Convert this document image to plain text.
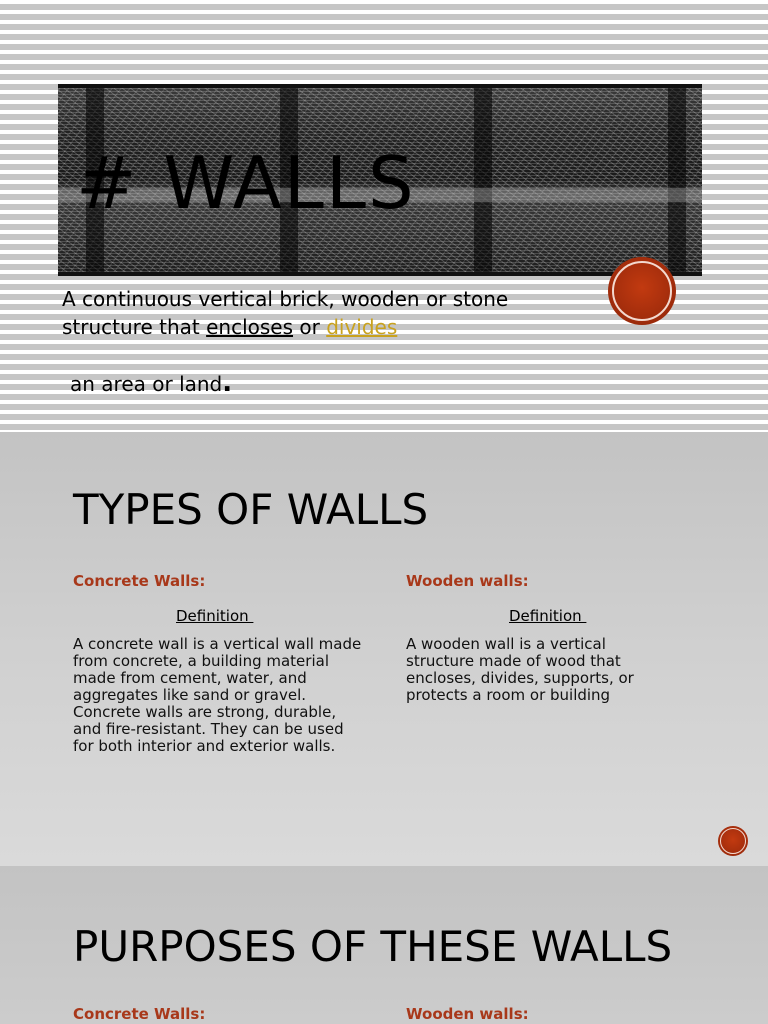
# WALLS
A continuous vertical brick, wooden or stone structure that encloses or divides
an area or land.
TYPES OF WALLS
Concrete Walls:
Definition
A concrete wall is a vertical wall made from concrete, a building material made from cement, water, and aggregates like sand or gravel. Concrete walls are strong, durable, and fire-resistant. They can be used for both interior and exterior walls.
Wooden walls:
Definition
A wooden wall is a vertical structure made of wood that encloses, divides, supports, or protects a room or building
PURPOSES OF THESE WALLS
Concrete Walls:	Wooden walls:
